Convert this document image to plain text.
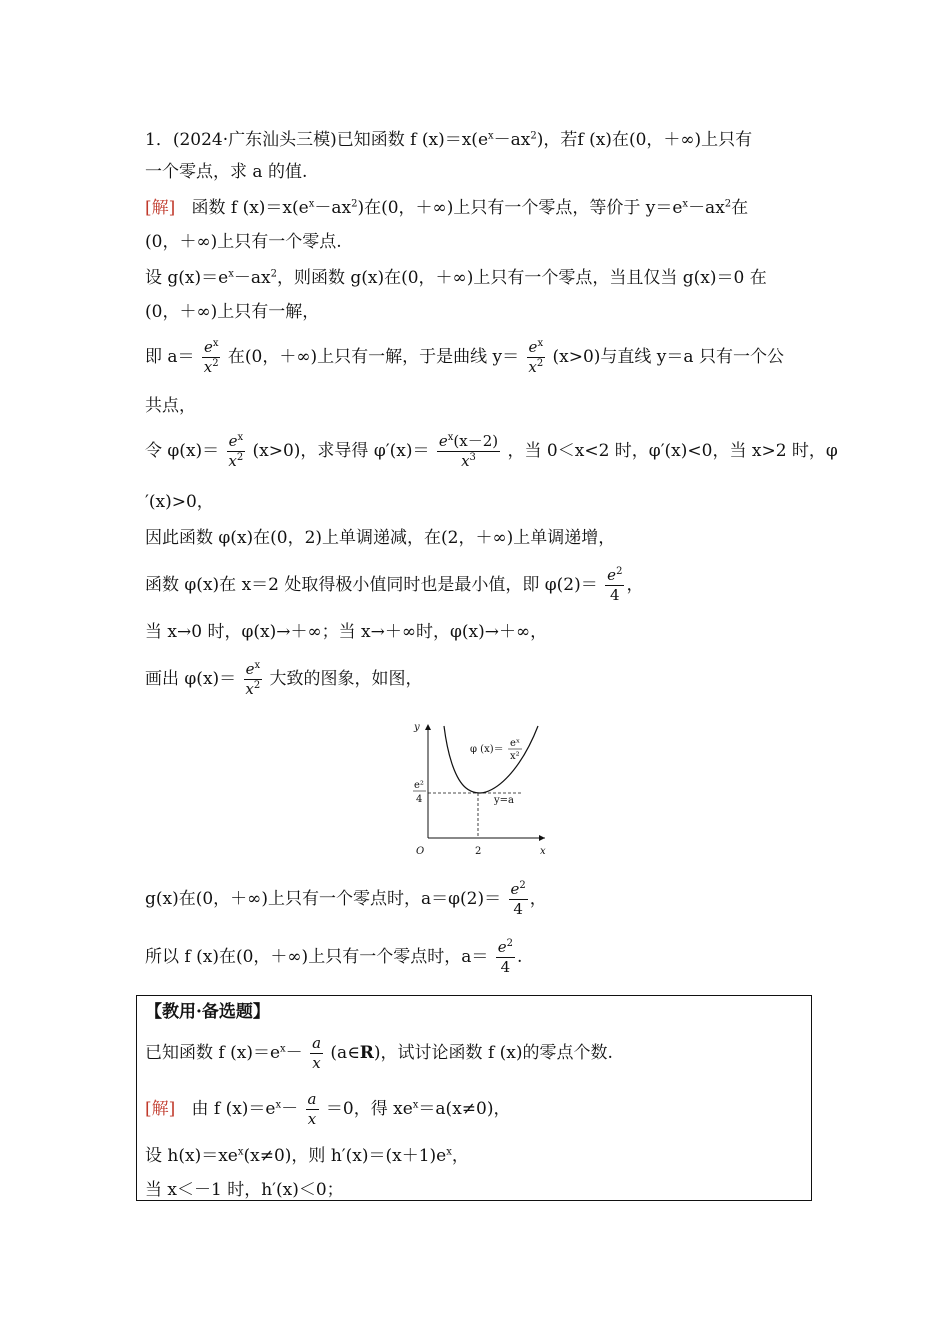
1．(2024·广东汕头三模)已知函数 f $(x)=x(e^x-ax^2)$，若f (x)在(0，＋∞)上只有
一个零点，求 a 的值.
[解] 函数 f $(x)=x(e^x-ax^2)$在(0，＋∞)上只有一个零点，等价于 $y=e^x-ax^2$在
(0，＋∞)上只有一个零点.
设 $g(x)=e^x-ax^2$，则函数 g(x)在(0，＋∞)上只有一个零点，当且仅当 g(x)＝0 在
(0，＋∞)上只有一解，
即 $a= \frac{e^x}{x^2}$ 在(0，＋∞)上只有一解，于是曲线 $y= \frac{e^x}{x^2} (x>0)$与直线 y＝a 只有一个公
共点，
令 $\varphi(x)= \frac{e^x}{x^2} (x>0)$，求导得 $\varphi'(x)= \frac{e^x(x-2)}{x^3}$ ，当 0＜x<2 时，φ′(x)<0，当 x>2 时，φ
′(x)>0，
因此函数 φ(x)在(0，2)上单调递减，在(2，＋∞)上单调递增，
函数 φ(x)在 x＝2 处取得极小值同时也是最小值，即 $\varphi(2)= \frac{e^2}{4}$ ，
当 x→0 时，φ(x)→＋∞；当 x→＋∞时，φ(x)→＋∞，
画出 $\varphi(x)= \frac{e^x}{x^2}$ 大致的图象，如图，
y
x
O	2
e²
4
φ (x)＝
eˣ
x²
y=a
g(x)在(0，＋∞)上只有一个零点时，$a=\varphi(2)= \frac{e^2}{4}$ ，
所以 f (x)在(0，＋∞)上只有一个零点时，$a= \frac{e^2}{4}$ .
【教用·备选题】
已知函数 f $(x)=e^x- \frac{a}{x}$ (a∈R)，试讨论函数 f (x)的零点个数.
[解] 由 f $(x)=e^x- \frac{a}{x} =0$，得 $xe^x=a(x\ne 0)$，
设 $h(x)=xe^x(x\ne 0)$，则 $h'(x)=(x+1)e^x$，
当 x＜－1 时，h′(x)＜0；
